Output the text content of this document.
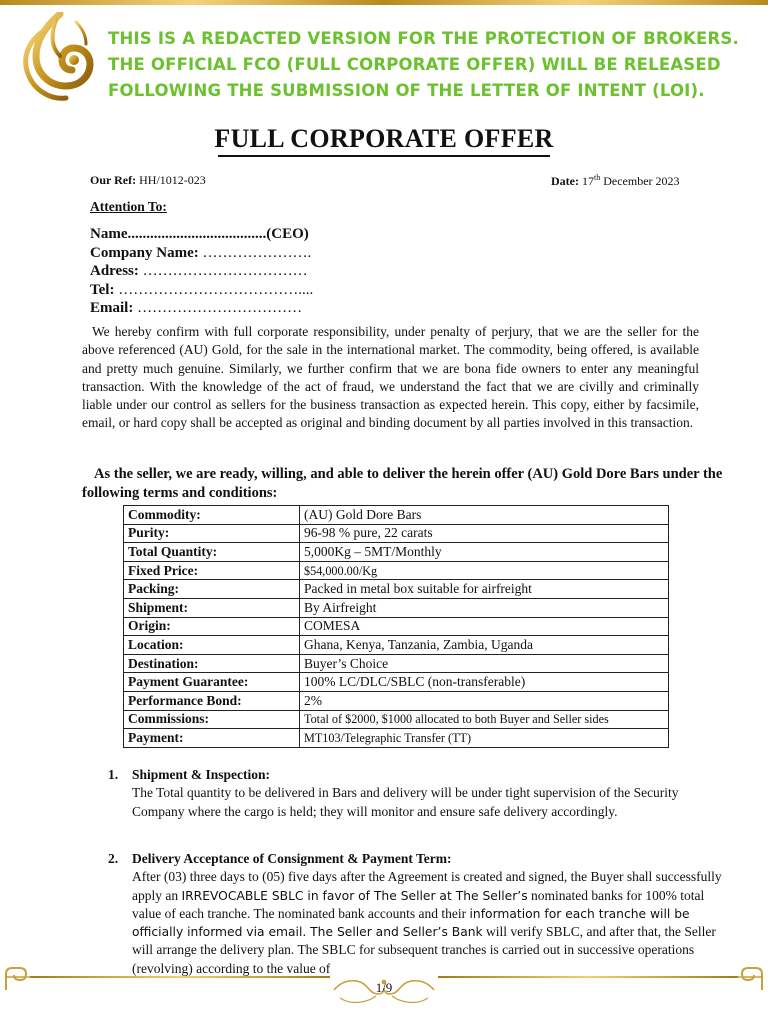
THIS IS A REDACTED VERSION FOR THE PROTECTION OF BROKERS.
THE OFFICIAL FCO (FULL CORPORATE OFFER) WILL BE RELEASED
FOLLOWING THE SUBMISSION OF THE LETTER OF INTENT (LOI).
FULL CORPORATE OFFER
Our Ref: HH/1012-023	Date: 17th December 2023
Attention To:
Name.....................................(CEO)
Company Name: ………………….
Adress: ……………………………
Tel: ………………………………....
Email: ……………………………

We hereby confirm with full corporate responsibility, under penalty of perjury, that we are the seller for the above referenced (AU) Gold, for the sale in the international market. The commodity, being offered, is available and pretty much genuine. Similarly, we further confirm that we are bona fide owners to enter any meaningful transaction. With the knowledge of the act of fraud, we understand the fact that we are civilly and criminally liable under our control as sellers for the business transaction as expected herein. This copy, either by facsimile, email, or hard copy shall be accepted as original and binding document by all parties involved in this transaction.

As the seller, we are ready, willing, and able to deliver the herein offer (AU) Gold Dore Bars under the following terms and conditions:

Commodity:	(AU) Gold Dore Bars
Purity:	96-98 % pure, 22 carats
Total Quantity:	5,000Kg – 5MT/Monthly
Fixed Price:	$54,000.00/Kg
Packing:	Packed in metal box suitable for airfreight
Shipment:	By Airfreight
Origin:	COMESA
Location:	Ghana, Kenya, Tanzania, Zambia, Uganda
Destination:	Buyer’s Choice
Payment Guarantee:	100% LC/DLC/SBLC (non-transferable)
Performance Bond:	2%
Commissions:	Total of $2000, $1000 allocated to both Buyer and Seller sides
Payment:	MT103/Telegraphic Transfer (TT)
1.	Shipment & Inspection:
The Total quantity to be delivered in Bars and delivery will be under tight supervision of the Security Company where the cargo is held; they will monitor and ensure safe delivery accordingly.
2.	Delivery Acceptance of Consignment & Payment Term:
After (03) three days to (05) five days after the Agreement is created and signed, the Buyer shall successfully apply an IRREVOCABLE SBLC in favor of The Seller at The Seller’s nominated banks for 100% total value of each tranche. The nominated bank accounts and their information for each tranche will be officially informed via email. The Seller and Seller’s Bank will verify SBLC, and after that, the Seller will arrange the delivery plan. The SBLC for subsequent tranches is carried out in successive operations (revolving) according to the value of
1/9
